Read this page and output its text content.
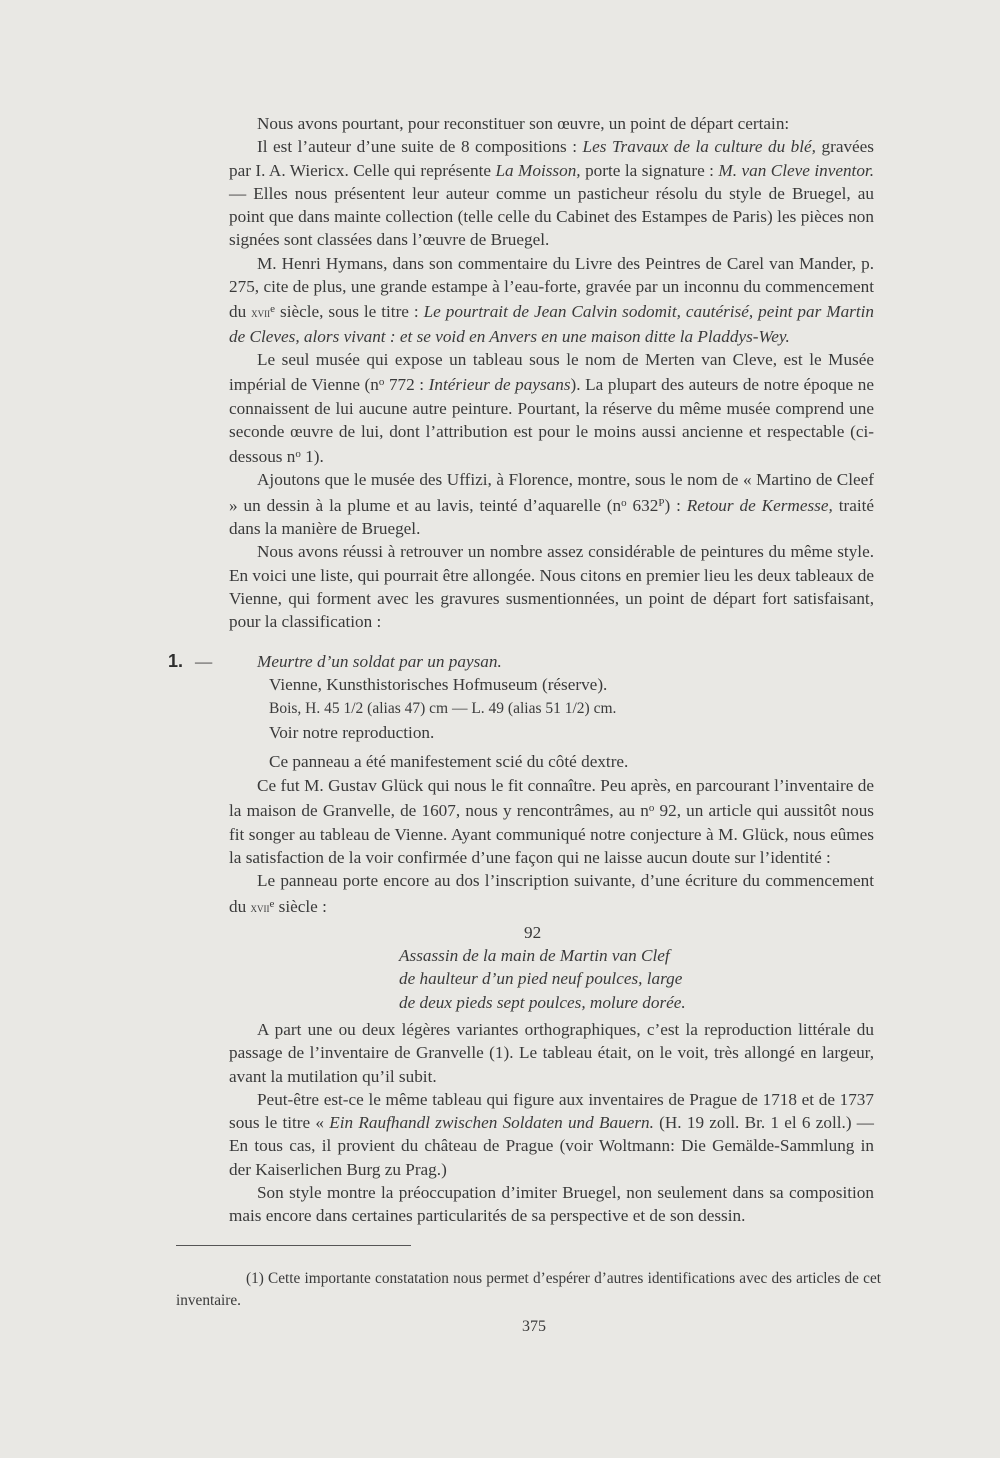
Nous avons pourtant, pour reconstituer son œuvre, un point de départ certain:

Il est l’auteur d’une suite de 8 compositions : Les Travaux de la culture du blé, gravées par I. A. Wiericx. Celle qui représente La Moisson, porte la signature : M. van Cleve inventor. — Elles nous présentent leur auteur comme un pasticheur résolu du style de Bruegel, au point que dans mainte collection (telle celle du Cabinet des Estampes de Paris) les pièces non signées sont classées dans l’œuvre de Bruegel.

M. Henri Hymans, dans son commentaire du Livre des Peintres de Carel van Mander, p. 275, cite de plus, une grande estampe à l’eau-forte, gravée par un inconnu du commencement du xvii$^e$ siècle, sous le titre : Le pourtrait de Jean Calvin sodomit, cautérisé, peint par Martin de Cleves, alors vivant : et se void en Anvers en une maison ditte la Pladdys-Wey.

Le seul musée qui expose un tableau sous le nom de Merten van Cleve, est le Musée impérial de Vienne ($n^o$ 772 : Intérieur de paysans). La plupart des auteurs de notre époque ne connaissent de lui aucune autre peinture. Pourtant, la réserve du même musée comprend une seconde œuvre de lui, dont l’attribution est pour le moins aussi ancienne et respectable (ci-dessous $n^o$ 1).

Ajoutons que le musée des Uffizi, à Florence, montre, sous le nom de « Martino de Cleef » un dessin à la plume et au lavis, teinté d’aquarelle ($n^o$ $632^P$) : Retour de Kermesse, traité dans la manière de Bruegel.

Nous avons réussi à retrouver un nombre assez considérable de peintures du même style. En voici une liste, qui pourrait être allongée. Nous citons en premier lieu les deux tableaux de Vienne, qui forment avec les gravures susmentionnées, un point de départ fort satisfaisant, pour la classification :

1. —	Meurtre d’un soldat par un paysan.

Vienne, Kunsthistorisches Hofmuseum (réserve).

Bois, H. 45 1/2 (alias 47) cm — L. 49 (alias 51 1/2) cm.

Voir notre reproduction.

Ce panneau a été manifestement scié du côté dextre.

Ce fut M. Gustav Glück qui nous le fit connaître. Peu après, en parcourant l’inventaire de la maison de Granvelle, de 1607, nous y rencontrâmes, au $n^o$ 92, un article qui aussitôt nous fit songer au tableau de Vienne. Ayant communiqué notre conjecture à M. Glück, nous eûmes la satisfaction de la voir confirmée d’une façon qui ne laisse aucun doute sur l’identité :

Le panneau porte encore au dos l’inscription suivante, d’une écriture du commencement du xvii$^e$ siècle :

92
Assassin de la main de Martin van Clef
de haulteur d’un pied neuf poulces, large
de deux pieds sept poulces, molure dorée.

A part une ou deux légères variantes orthographiques, c’est la reproduction littérale du passage de l’inventaire de Granvelle (1). Le tableau était, on le voit, très allongé en largeur, avant la mutilation qu’il subit.

Peut-être est-ce le même tableau qui figure aux inventaires de Prague de 1718 et de 1737 sous le titre « Ein Raufhandl zwischen Soldaten und Bauern. (H. 19 zoll. Br. 1 el 6 zoll.) — En tous cas, il provient du château de Prague (voir Woltmann: Die Gemälde-Sammlung in der Kaiserlichen Burg zu Prag.)

Son style montre la préoccupation d’imiter Bruegel, non seulement dans sa composition mais encore dans certaines particularités de sa perspective et de son dessin.

(1) Cette importante constatation nous permet d’espérer d’autres identifications avec des articles de cet inventaire.

375
